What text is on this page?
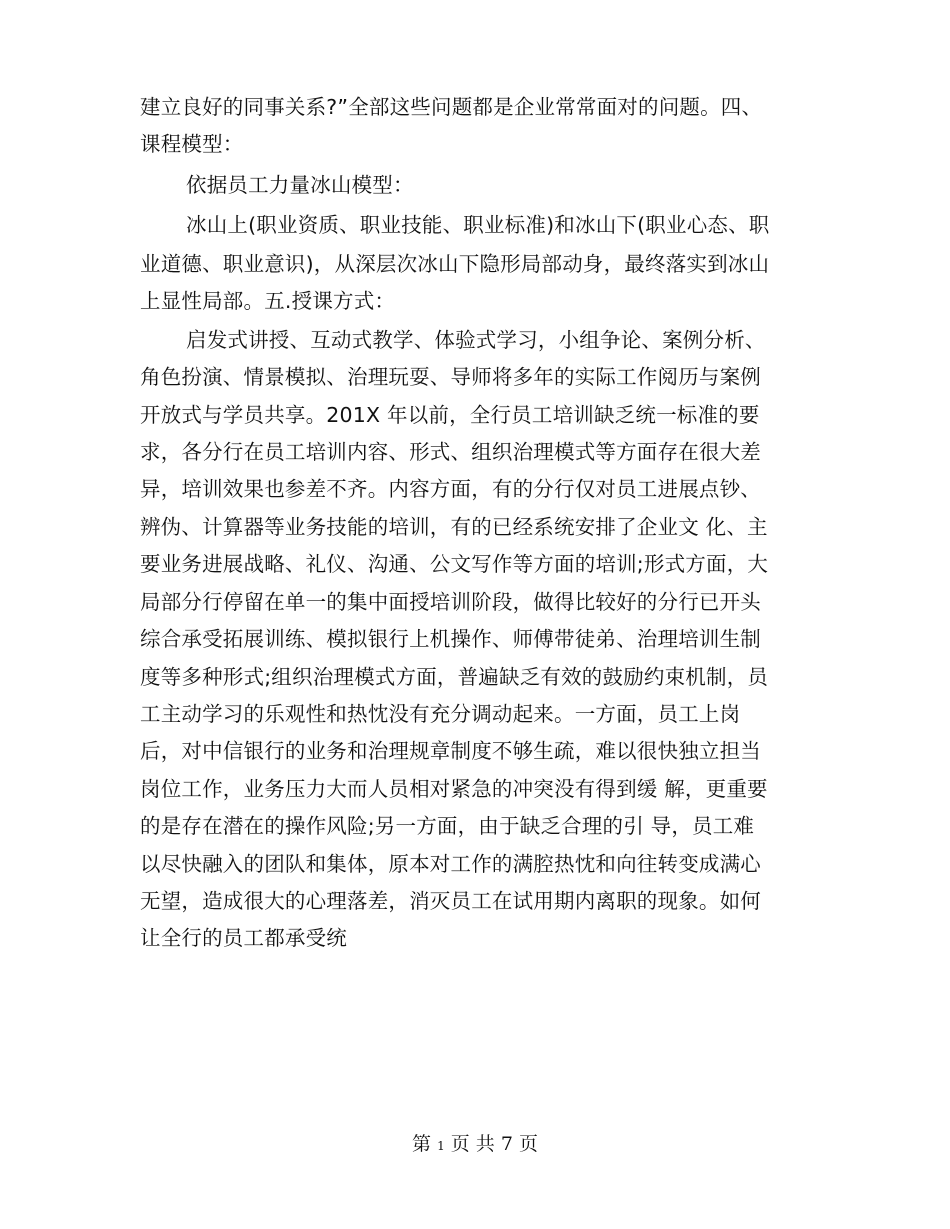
建立良好的同事关系?”全部这些问题都是企业常常面对的问题。四、
课程模型：
依据员工力量冰山模型：
冰山上(职业资质、职业技能、职业标准)和冰山下(职业心态、职
业道德、职业意识)，从深层次冰山下隐形局部动身，最终落实到冰山
上显性局部。五.授课方式：
启发式讲授、互动式教学、体验式学习，小组争论、案例分析、
角色扮演、情景模拟、治理玩耍、导师将多年的实际工作阅历与案例
开放式与学员共享。201X 年以前，全行员工培训缺乏统一标准的要
求，各分行在员工培训内容、形式、组织治理模式等方面存在很大差
异，培训效果也参差不齐。内容方面，有的分行仅对员工进展点钞、
辨伪、计算器等业务技能的培训，有的已经系统安排了企业文 化、主
要业务进展战略、礼仪、沟通、公文写作等方面的培训;形式方面，大
局部分行停留在单一的集中面授培训阶段，做得比较好的分行已开头
综合承受拓展训练、模拟银行上机操作、师傅带徒弟、治理培训生制
度等多种形式;组织治理模式方面，普遍缺乏有效的鼓励约束机制，员
工主动学习的乐观性和热忱没有充分调动起来。一方面，员工上岗
后，对中信银行的业务和治理规章制度不够生疏，难以很快独立担当
岗位工作，业务压力大而人员相对紧急的冲突没有得到缓 解，更重要
的是存在潜在的操作风险;另一方面，由于缺乏合理的引 导，员工难
以尽快融入的团队和集体，原本对工作的满腔热忱和向往转变成满心
无望，造成很大的心理落差，消灭员工在试用期内离职的现象。如何
让全行的员工都承受统
第 1 页 共 7 页
